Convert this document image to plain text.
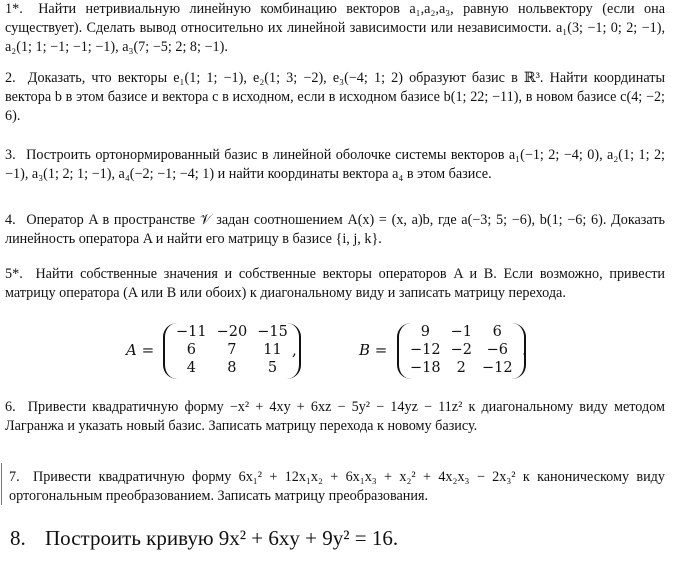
1*. Найти нетривиальную линейную комбинацию векторов a₁,a₂,a₃, равную нольвектору (если она существует). Сделать вывод относительно их линейной зависимости или независимости. a₁(3; −1; 0; 2; −1), a₂(1; 1; −1; −1; −1), a₃(7; −5; 2; 8; −1).
2. Доказать, что векторы e₁(1; 1; −1), e₂(1; 3; −2), e₃(−4; 1; 2) образуют базис в ℝ³. Найти координаты вектора b в этом базисе и вектора c в исходном, если в исходном базисе b(1; 22; −11), в новом базисе c(4; −2; 6).
3. Построить ортонормированный базис в линейной оболочке системы векторов a₁(−1; 2; −4; 0), a₂(1; 1; 2; −1), a₃(1; 2; 1; −1), a₄(−2; −1; −4; 1) и найти координаты вектора a₄ в этом базисе.
4. Оператор A в пространстве 𝒱 задан соотношением A(x) = (x, a)b, где a(−3; 5; −6), b(1; −6; 6). Доказать линейность оператора A и найти его матрицу в базисе {i, j, k}.
5*. Найти собственные значения и собственные векторы операторов A и B. Если возможно, привести матрицу оператора (A или B или обоих) к диагональному виду и записать матрицу перехода.
A =
−11	−20	−15
6	7	11
4	8	5
,	B =
9	−1	6
−12	−2	−6
−18	2	−12
.
6. Привести квадратичную форму −x² + 4xy + 6xz − 5y² − 14yz − 11z² к диагональному виду методом Лагранжа и указать новый базис. Записать матрицу перехода к новому базису.
7. Привести квадратичную форму 6x₁² + 12x₁x₂ + 6x₁x₃ + x₂² + 4x₂x₃ − 2x₃² к каноническому виду ортогональным преобразованием. Записать матрицу преобразования.
8. Построить кривую 9x² + 6xy + 9y² = 16.
